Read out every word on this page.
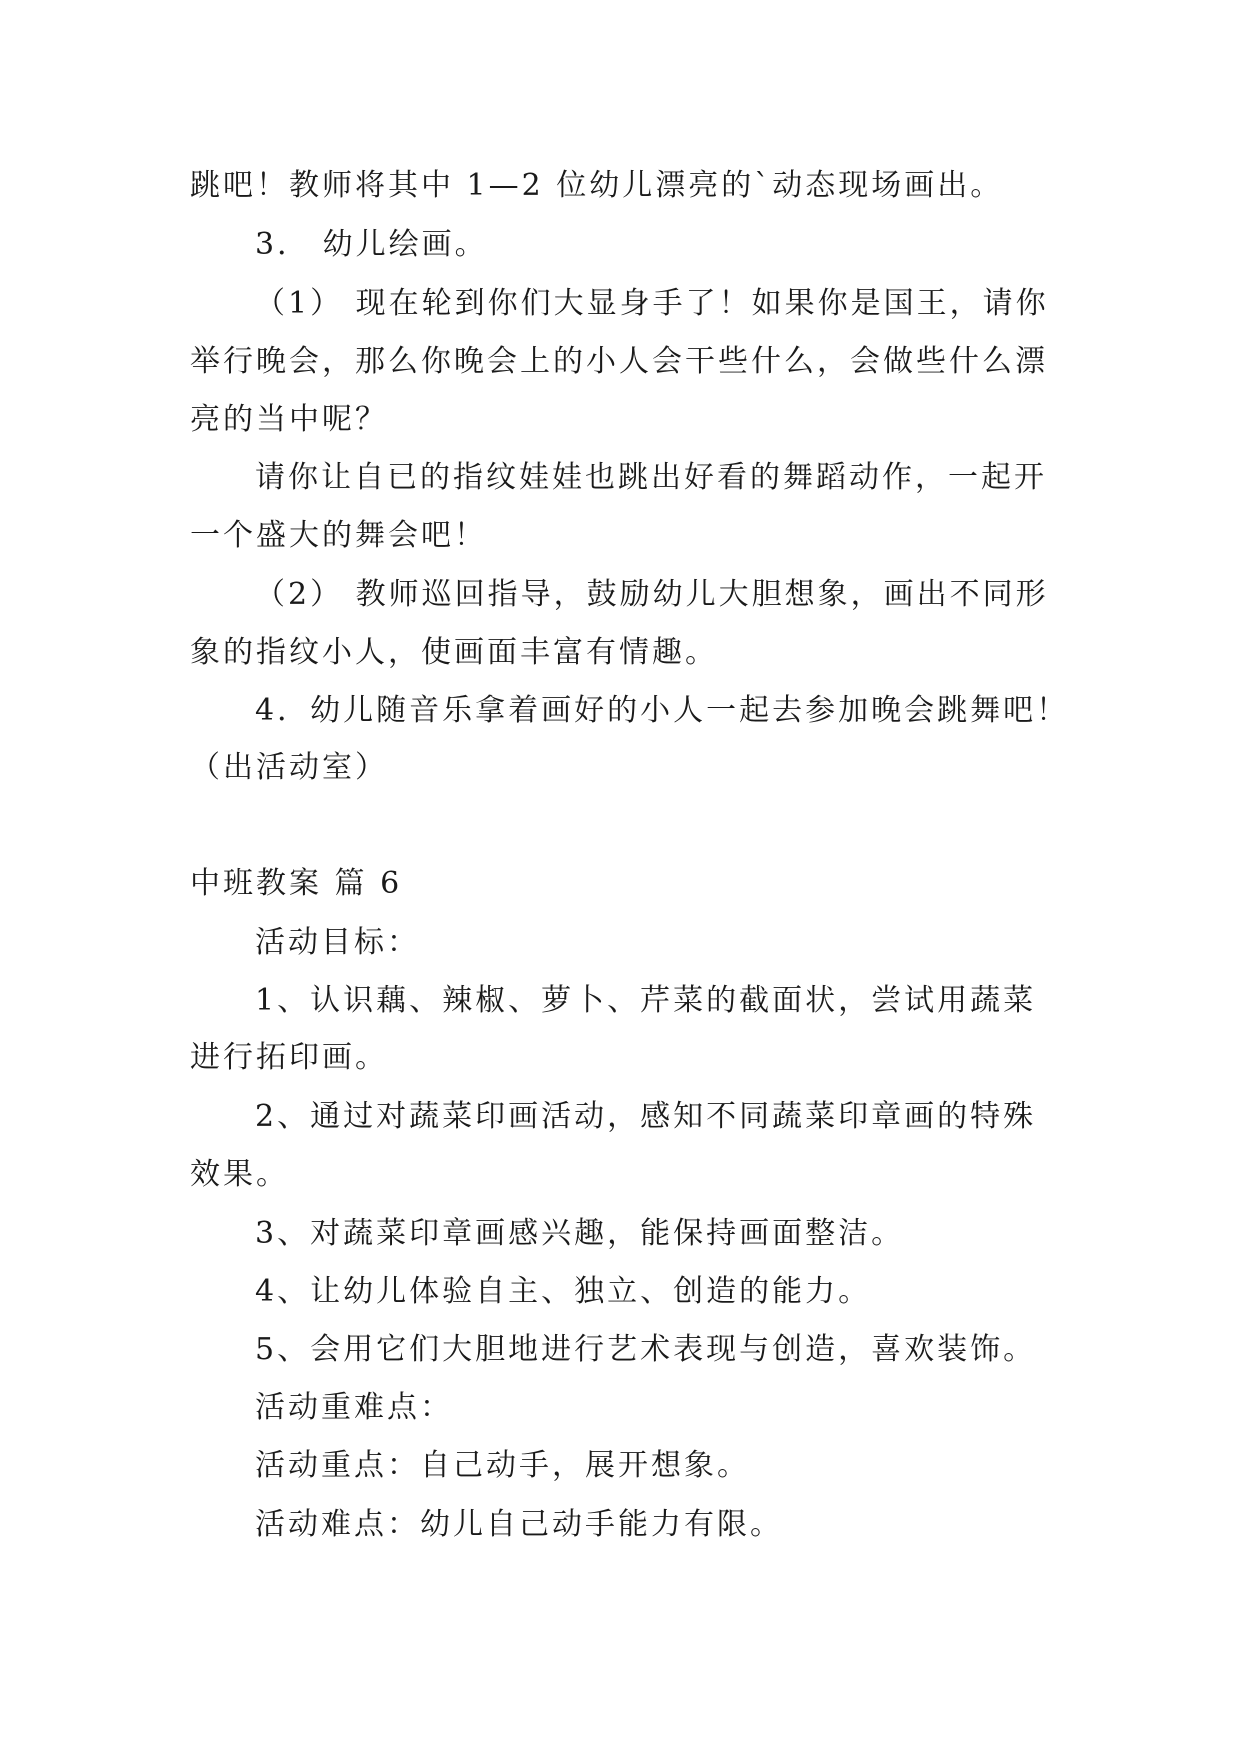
跳吧！教师将其中 1—2 位幼儿漂亮的`动态现场画出。
3． 幼儿绘画。
（1） 现在轮到你们大显身手了！如果你是国王，请你
举行晚会，那么你晚会上的小人会干些什么，会做些什么漂
亮的当中呢？
请你让自已的指纹娃娃也跳出好看的舞蹈动作，一起开
一个盛大的舞会吧！
（2） 教师巡回指导，鼓励幼儿大胆想象，画出不同形
象的指纹小人，使画面丰富有情趣。
4．幼儿随音乐拿着画好的小人一起去参加晚会跳舞吧！
（出活动室）
中班教案 篇 6
活动目标：
1、认识藕、辣椒、萝卜、芹菜的截面状，尝试用蔬菜
进行拓印画。
2、通过对蔬菜印画活动，感知不同蔬菜印章画的特殊
效果。
3、对蔬菜印章画感兴趣，能保持画面整洁。
4、让幼儿体验自主、独立、创造的能力。
5、会用它们大胆地进行艺术表现与创造，喜欢装饰。
活动重难点：
活动重点：自己动手，展开想象。
活动难点：幼儿自己动手能力有限。
